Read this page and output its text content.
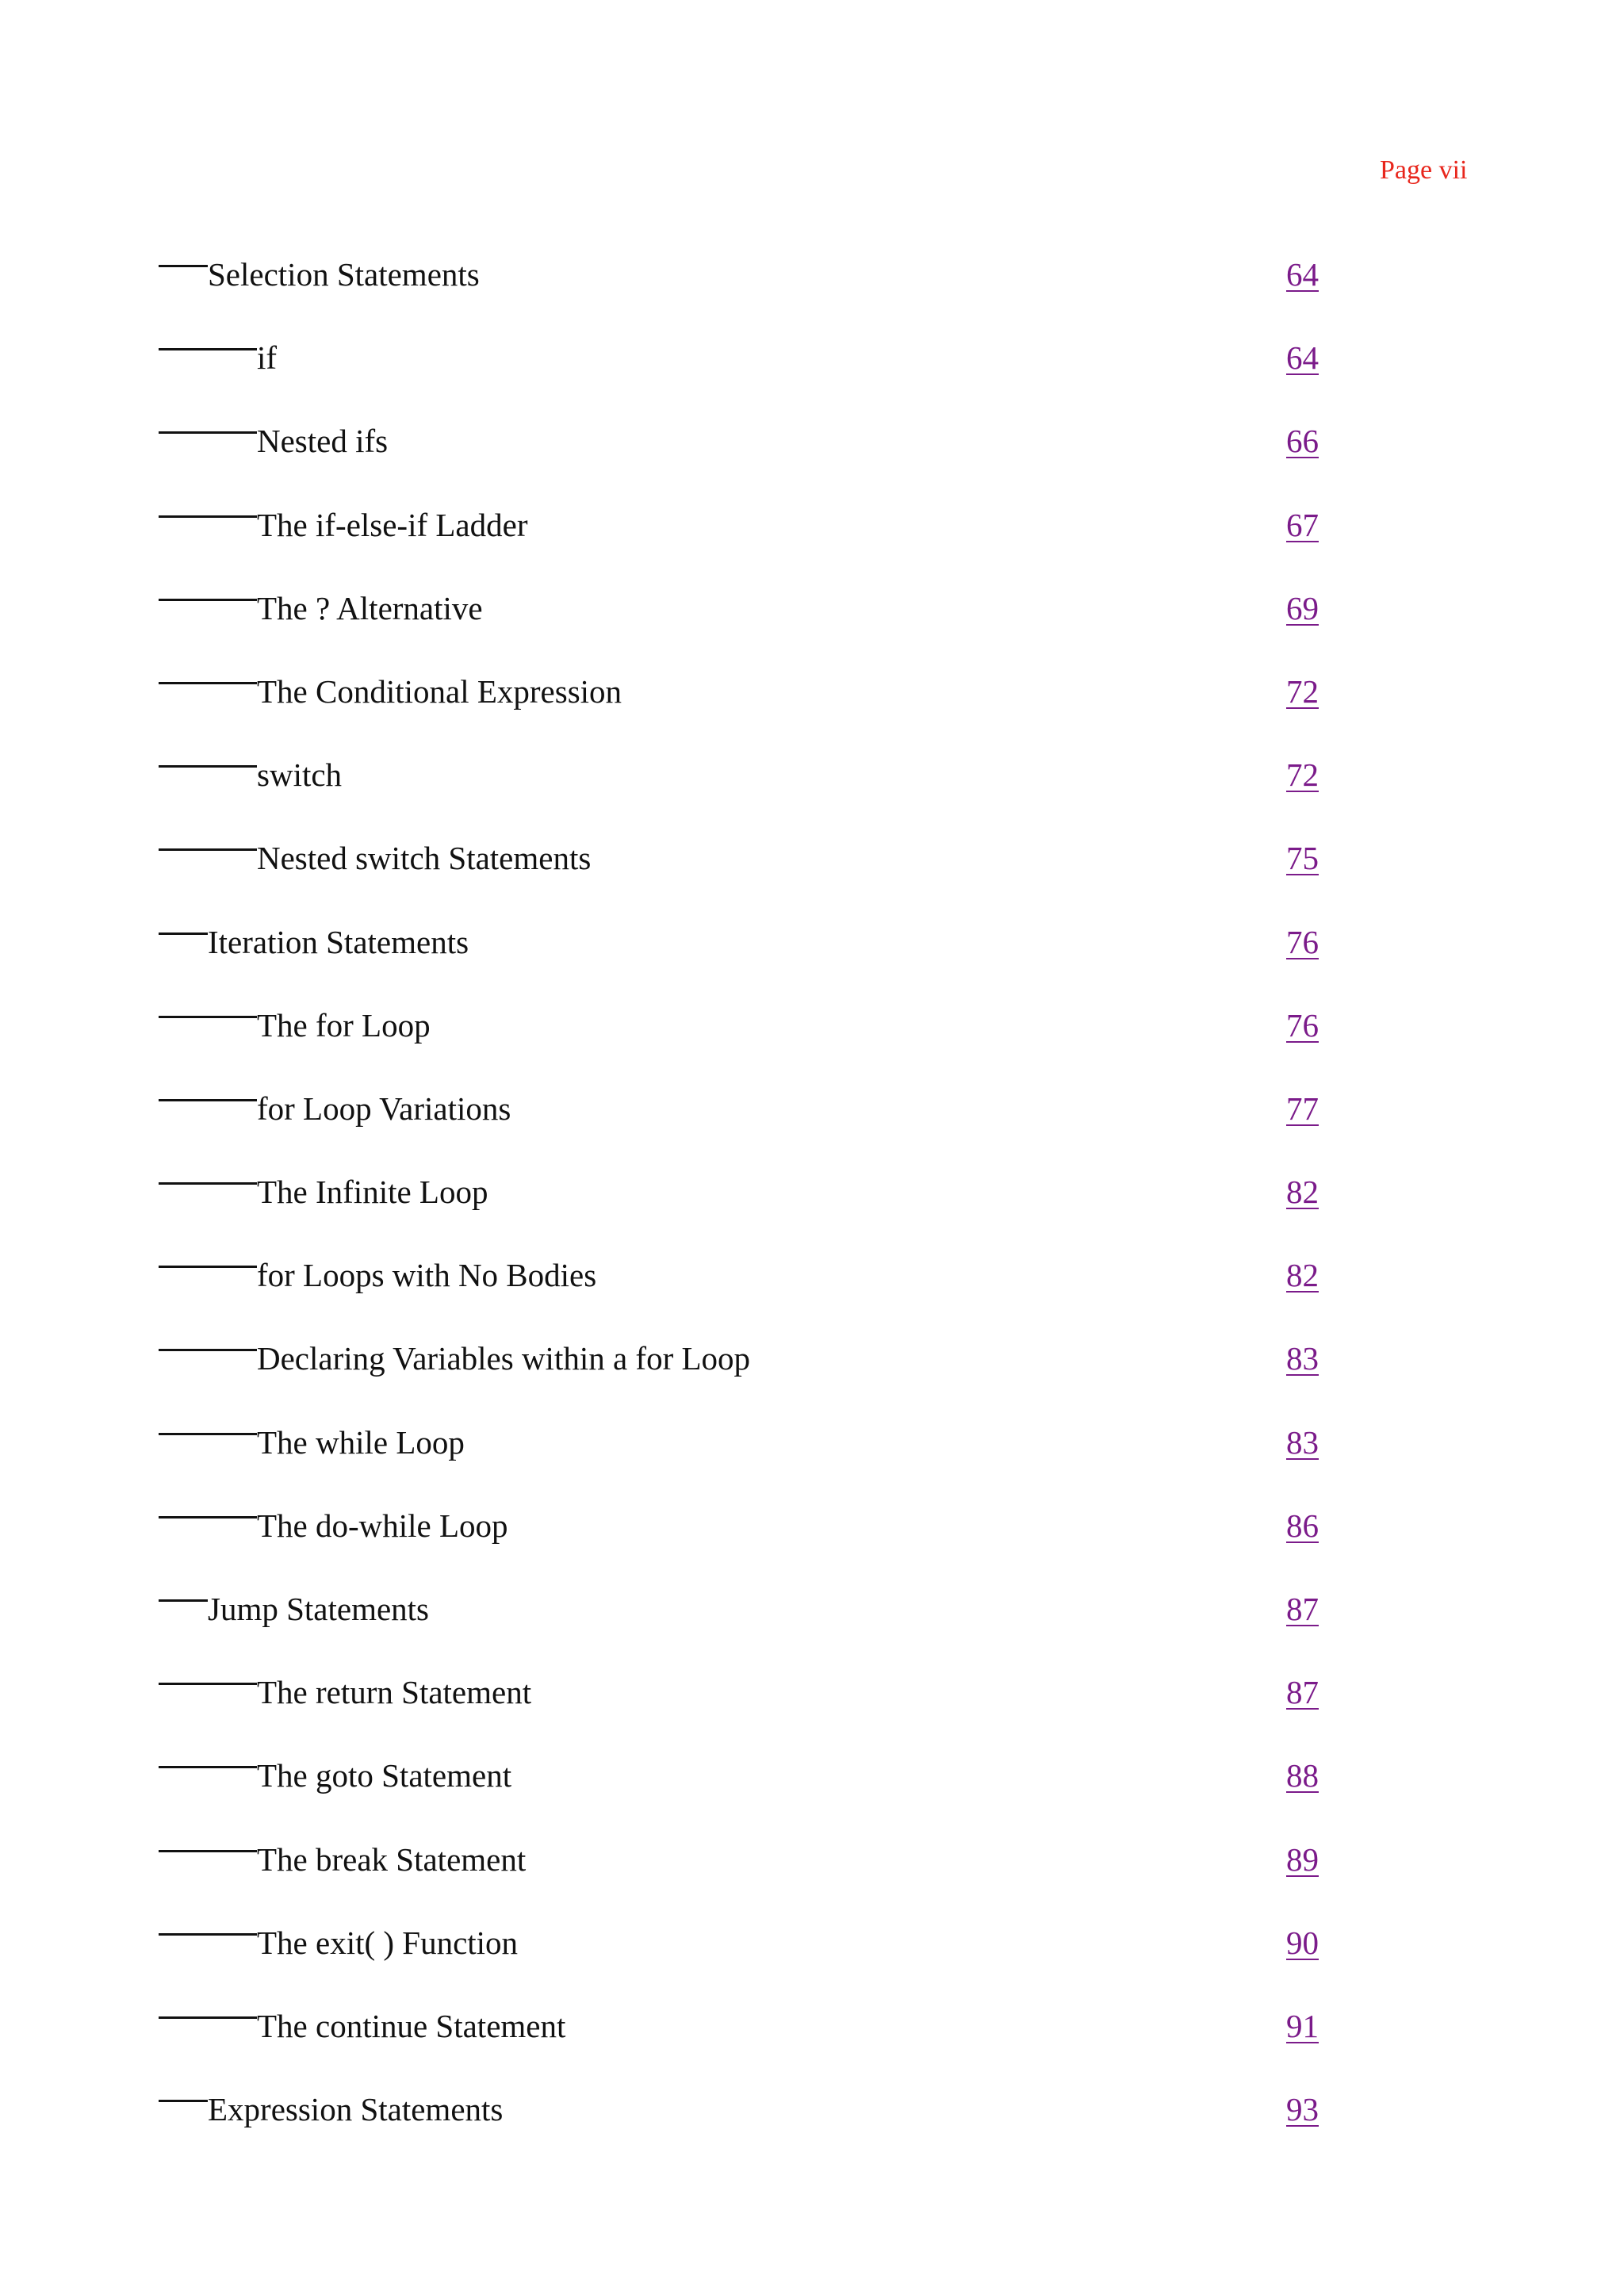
Page vii
Selection Statements	64
if	64
Nested ifs	66
The if-else-if Ladder	67
The ? Alternative	69
The Conditional Expression	72
switch	72
Nested switch Statements	75
Iteration Statements	76
The for Loop	76
for Loop Variations	77
The Infinite Loop	82
for Loops with No Bodies	82
Declaring Variables within a for Loop	83
The while Loop	83
The do-while Loop	86
Jump Statements	87
The return Statement	87
The goto Statement	88
The break Statement	89
The exit( ) Function	90
The continue Statement	91
Expression Statements	93
